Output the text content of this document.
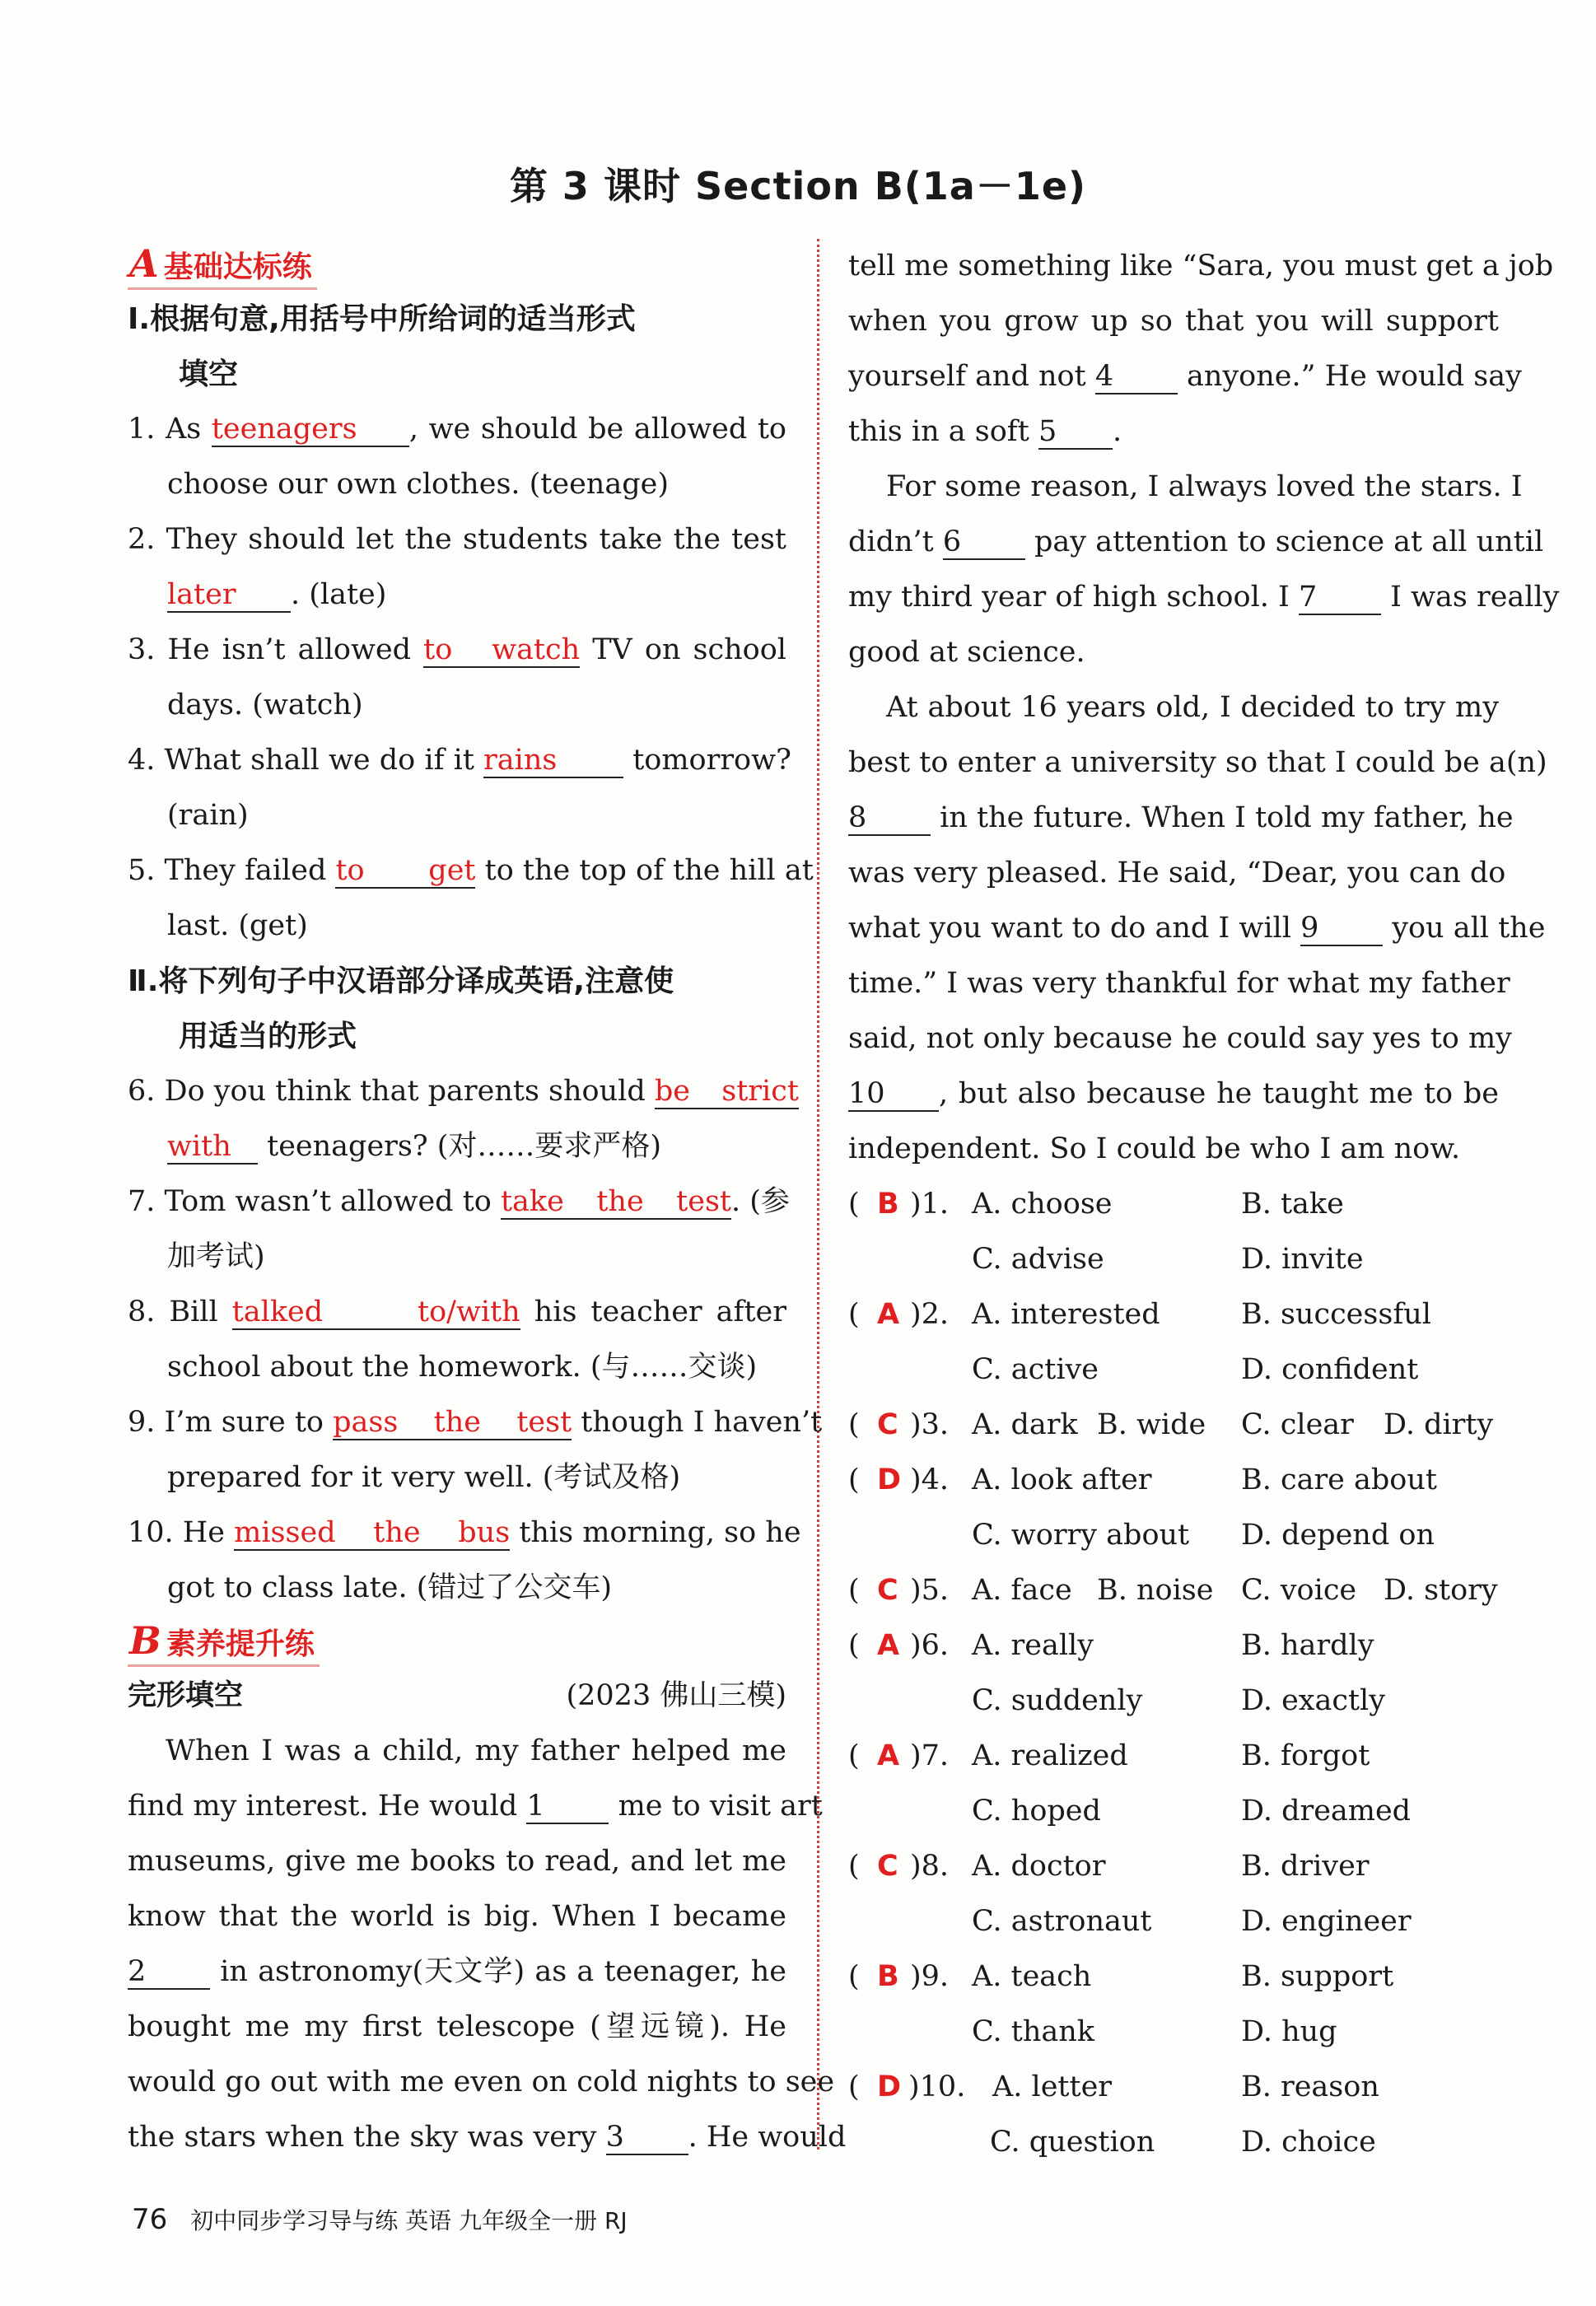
第 3 课时 Section B(1a－1e)
A 基础达标练
Ⅰ.根据句意,用括号中所给词的适当形式
填空
1. As teenagers , we should be allowed to
choose our own clothes. (teenage)
2. They should let the students take the test
later . (late)
3. He isn’t allowed to watch TV on school
days. (watch)
4. What shall we do if it rains	tomorrow?
(rain)
5. They failed to get to the top of the hill at
last. (get)
Ⅱ.将下列句子中汉语部分译成英语,注意使
用适当的形式
6. Do you think that parents should be strict
with teenagers? (对……要求严格)
7. Tom wasn’t allowed to take the test. (参
加考试)
8. Bill talked to/with his teacher after
school about the homework. (与……交谈)
9. I’m sure to pass the test though I haven’t
prepared for it very well. (考试及格)
10. He missed the bus this morning, so he
got to class late. (错过了公交车)
B 素养提升练
完形填空	(2023 佛山三模)
When I was a child, my father helped me
find my interest. He would 1	me to visit art
museums, give me books to read, and let me
know that the world is big. When I became
2	in astronomy(天文学) as a teenager, he
bought me my first telescope (望远镜). He
would go out with me even on cold nights to see
the stars when the sky was very 3 . He would
tell me something like “Sara, you must get a job
when you grow up so that you will support
yourself and not 4	anyone.” He would say
this in a soft 5 .
For some reason, I always loved the stars. I
didn’t 6	pay attention to science at all until
my third year of high school. I 7	I was really
good at science.
At about 16 years old, I decided to try my
best to enter a university so that I could be a(n)
8	in the future. When I told my father, he
was very pleased. He said, “Dear, you can do
what you want to do and I will 9	you all the
time.” I was very thankful for what my father
said, not only because he could say yes to my
10 , but also because he taught me to be
independent. So I could be who I am now.
( B )1. A. choose	B. take
C. advise	D. invite
( A )2. A. interested	B. successful
C. active	D. confident
( C )3. A. dark B. wide C. clear D. dirty
( D )4. A. look after	B. care about
C. worry about D. depend on
( C )5. A. face B. noise C. voice D. story
( A )6. A. really	B. hardly
C. suddenly	D. exactly
( A )7. A. realized	B. forgot
C. hoped	D. dreamed
( C )8. A. doctor	B. driver
C. astronaut	D. engineer
( B )9. A. teach	B. support
C. thank	D. hug
( D )10. A. letter	B. reason
C. question	D. choice
76 初中同步学习导与练 英语 九年级全一册 RJ
